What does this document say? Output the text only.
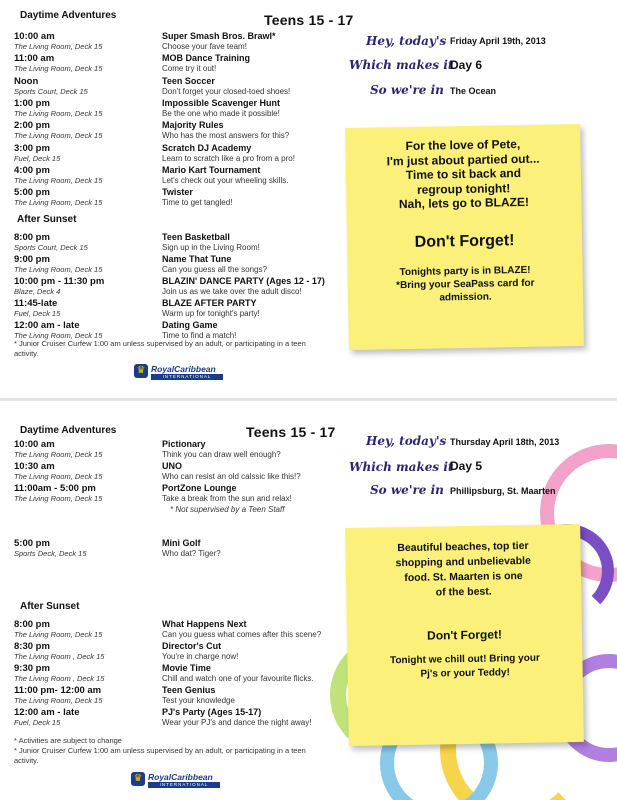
Daytime Adventures	Teens 15 - 17
10:00 am
The Living Room, Deck 15
Super Smash Bros. Brawl*
Choose your fave team!
11:00 am
The Living Room, Deck 15
MOB Dance Training
Come try it out!
Noon
Sports Court, Deck 15
Teen Soccer
Don't forget your closed-toed shoes!
1:00 pm
The Living Room, Deck 15
Impossible Scavenger Hunt
Be the one who made it possible!
2:00 pm
The Living Room, Deck 15
Majority Rules
Who has the most answers for this?
3:00 pm
Fuel, Deck 15
Scratch DJ Academy
Learn to scratch like a pro from a pro!
4:00 pm
The Living Room, Deck 15
Mario Kart Tournament
Let's check out your wheeling skills.
5:00 pm
The Living Room, Deck 15
Twister
Time to get tangled!
After Sunset
8:00 pm
Sports Court, Deck 15
Teen Basketball
Sign up in the Living Room!
9:00 pm
The Living Room, Deck 15
Name That Tune
Can you guess all the songs?
10:00 pm - 11:30 pm
Blaze, Deck 4
BLAZIN' DANCE PARTY (Ages 12 - 17)
Join us as we take over the adult disco!
11:45-late
Fuel, Deck 15
BLAZE AFTER PARTY
Warm up for tonight's party!
12:00 am - late
The Living Room, Deck 15
Dating Game
Time to find a match!
* Junior Cruiser Curfew 1:00 am unless supervised by an adult, or participating in a teen
activity.
♛ RoyalCaribbean
INTERNATIONAL
Hey, today's Friday April 19th, 2013
Which makes it
Day 6
So we're in The Ocean
For the love of Pete,
I'm just about partied out...
Time to sit back and
regroup tonight!
Nah, lets go to BLAZE!
Don't Forget!
Tonights party is in BLAZE!
*Bring your SeaPass card for
admission.
Daytime Adventures	Teens 15 - 17
10:00 am
The Living Room, Deck 15
Pictionary
Think you can draw well enough?
10:30 am
The Living Room, Deck 15
UNO
Who can resist an old calssic like this!?
11:00am - 5:00 pm
The Living Room, Deck 15
PortZone Lounge
Take a break from the sun and relax!
* Not supervised by a Teen Staff
5:00 pm
Sports Deck, Deck 15
Mini Golf
Who dat? Tiger?
After Sunset
8:00 pm
The Living Room, Deck 15
What Happens Next
Can you guess what comes after this scene?
8:30 pm
The Living Room , Deck 15
Director's Cut
You're in charge now!
9:30 pm
The Living Room , Deck 15
Movie Time
Chill and watch one of your favourite flicks.
11:00 pm- 12:00 am
The Living Room, Deck 15
Teen Genius
Test your knowledge
12:00 am - late
Fuel, Deck 15
PJ's Party (Ages 15-17)
Wear your PJ's and dance the night away!
* Activities are subject to change
* Junior Cruiser Curfew 1:00 am unless supervised by an adult, or participating in a teen
activity.
♛ RoyalCaribbean
INTERNATIONAL
Hey, today's Thursday April 18th, 2013
Which makes it
Day 5
So we're in Phillipsburg, St. Maarten
Beautiful beaches, top tier
shopping and unbelievable
food. St. Maarten is one
of the best.
Don't Forget!
Tonight we chill out! Bring your
Pj's or your Teddy!
